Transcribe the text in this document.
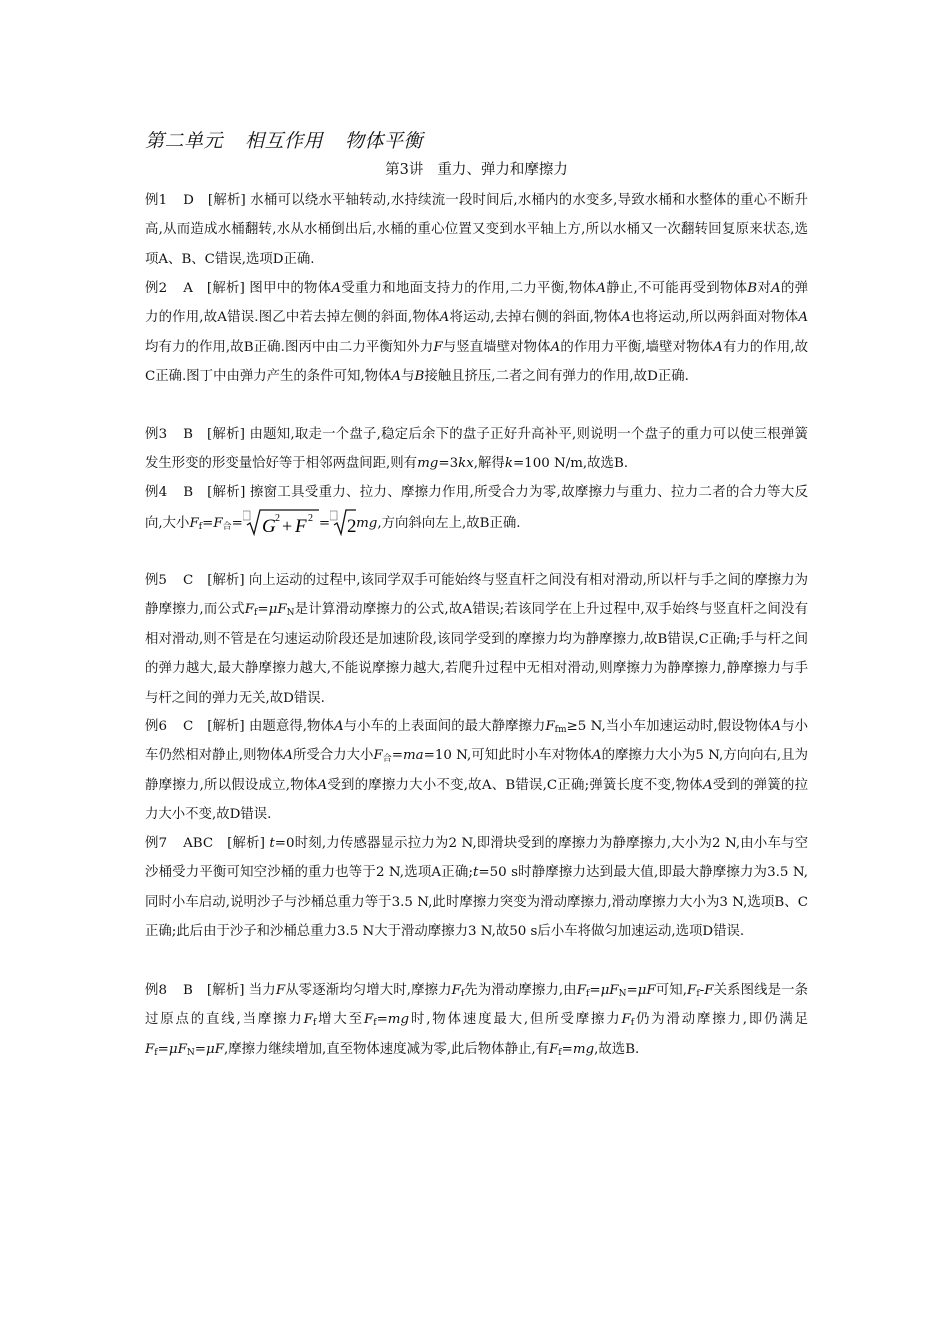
第二单元 相互作用 物体平衡
第3讲 重力、弹力和摩擦力
例1 D [解析] 水桶可以绕水平轴转动,水持续流一段时间后,水桶内的水变多,导致水桶和水整体的重心不断升高,从而造成水桶翻转,水从水桶倒出后,水桶的重心位置又变到水平轴上方,所以水桶又一次翻转回复原来状态,选项A、B、C错误,选项D正确.
例2 A [解析] 图甲中的物体A受重力和地面支持力的作用,二力平衡,物体A静止,不可能再受到物体B对A的弹力的作用,故A错误.图乙中若去掉左侧的斜面,物体A将运动,去掉右侧的斜面,物体A也将运动,所以两斜面对物体A均有力的作用,故B正确.图丙中由二力平衡知外力F与竖直墙壁对物体A的作用力平衡,墙壁对物体A有力的作用,故C正确.图丁中由弹力产生的条件可知,物体A与B接触且挤压,二者之间有弹力的作用,故D正确.
例3 B [解析] 由题知,取走一个盘子,稳定后余下的盘子正好升高补平,则说明一个盘子的重力可以使三根弹簧发生形变的形变量恰好等于相邻两盘间距,则有mg=3kx,解得k=100 N/m,故选B.
例4 B [解析] 擦窗工具受重力、拉力、摩擦力作用,所受合力为零,故摩擦力与重力、拉力二者的合力等大反向,大小$F_f=F_合= G$ 2 + F 2 = 2 mg,方向斜向左上,故B正确.
例5 C [解析] 向上运动的过程中,该同学双手可能始终与竖直杆之间没有相对滑动,所以杆与手之间的摩擦力为静摩擦力,而公式$F_f=\mu F_N$是计算滑动摩擦力的公式,故A错误;若该同学在上升过程中,双手始终与竖直杆之间没有相对滑动,则不管是在匀速运动阶段还是加速阶段,该同学受到的摩擦力均为静摩擦力,故B错误,C正确;手与杆之间的弹力越大,最大静摩擦力越大,不能说摩擦力越大,若爬升过程中无相对滑动,则摩擦力为静摩擦力,静摩擦力与手与杆之间的弹力无关,故D错误.
例6 C [解析] 由题意得,物体A与小车的上表面间的最大静摩擦力$F_{fm}\ge 5$ N,当小车加速运动时,假设物体A与小车仍然相对静止,则物体A所受合力大小$F_合=ma=10$ N,可知此时小车对物体A的摩擦力大小为5 N,方向向右,且为静摩擦力,所以假设成立,物体A受到的摩擦力大小不变,故A、B错误,C正确;弹簧长度不变,物体A受到的弹簧的拉力大小不变,故D错误.
例7 ABC [解析] t=0时刻,力传感器显示拉力为2 N,即滑块受到的摩擦力为静摩擦力,大小为2 N,由小车与空沙桶受力平衡可知空沙桶的重力也等于2 N,选项A正确;t=50 s时静摩擦力达到最大值,即最大静摩擦力为3.5 N,同时小车启动,说明沙子与沙桶总重力等于3.5 N,此时摩擦力突变为滑动摩擦力,滑动摩擦力大小为3 N,选项B、C正确;此后由于沙子和沙桶总重力3.5 N大于滑动摩擦力3 N,故50 s后小车将做匀加速运动,选项D错误.
例8 B [解析] 当力F从零逐渐均匀增大时,摩擦力$F_f$先为滑动摩擦力,由$F_f=\mu F_N=\mu F$可知$,F_f-F$关系图线是一条过原点的直线,当摩擦力$F_f$增大至$F_f=mg$时,物体速度最大,但所受摩擦力$F_f$仍为滑动摩擦力,即仍满足$F_f=\mu F_N=\mu F$,摩擦力继续增加,直至物体速度减为零,此后物体静止,有$F_f=mg$,故选B.
